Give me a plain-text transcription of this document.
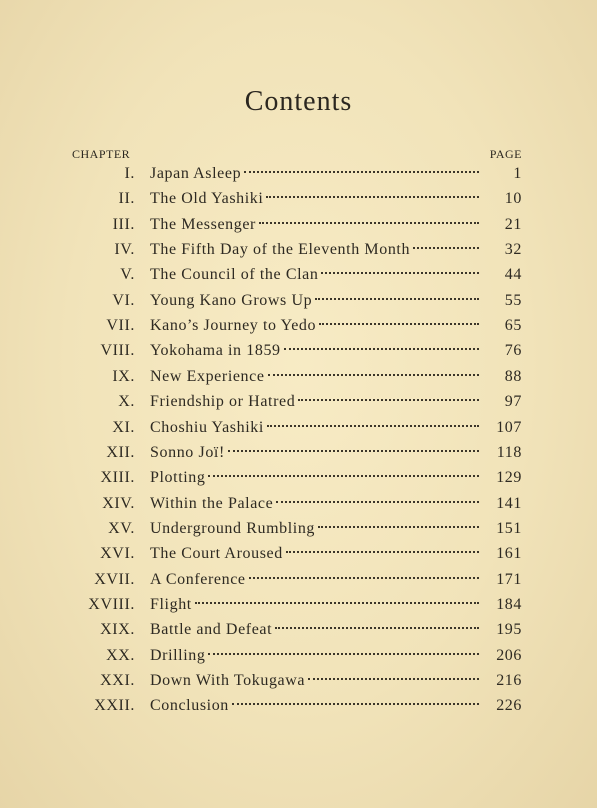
Contents
CHAPTER	PAGE
I. Japan Asleep	1
II. The Old Yashiki	10
III. The Messenger	21
IV. The Fifth Day of the Eleventh Month	32
V. The Council of the Clan	44
VI. Young Kano Grows Up	55
VII. Kano’s Journey to Yedo	65
VIII. Yokohama in 1859	76
IX. New Experience	88
X. Friendship or Hatred	97
XI. Choshiu Yashiki	107
XII. Sonno Joï!	118
XIII. Plotting	129
XIV. Within the Palace	141
XV. Underground Rumbling	151
XVI. The Court Aroused	161
XVII. A Conference	171
XVIII. Flight	184
XIX. Battle and Defeat	195
XX. Drilling	206
XXI. Down With Tokugawa	216
XXII. Conclusion	226
